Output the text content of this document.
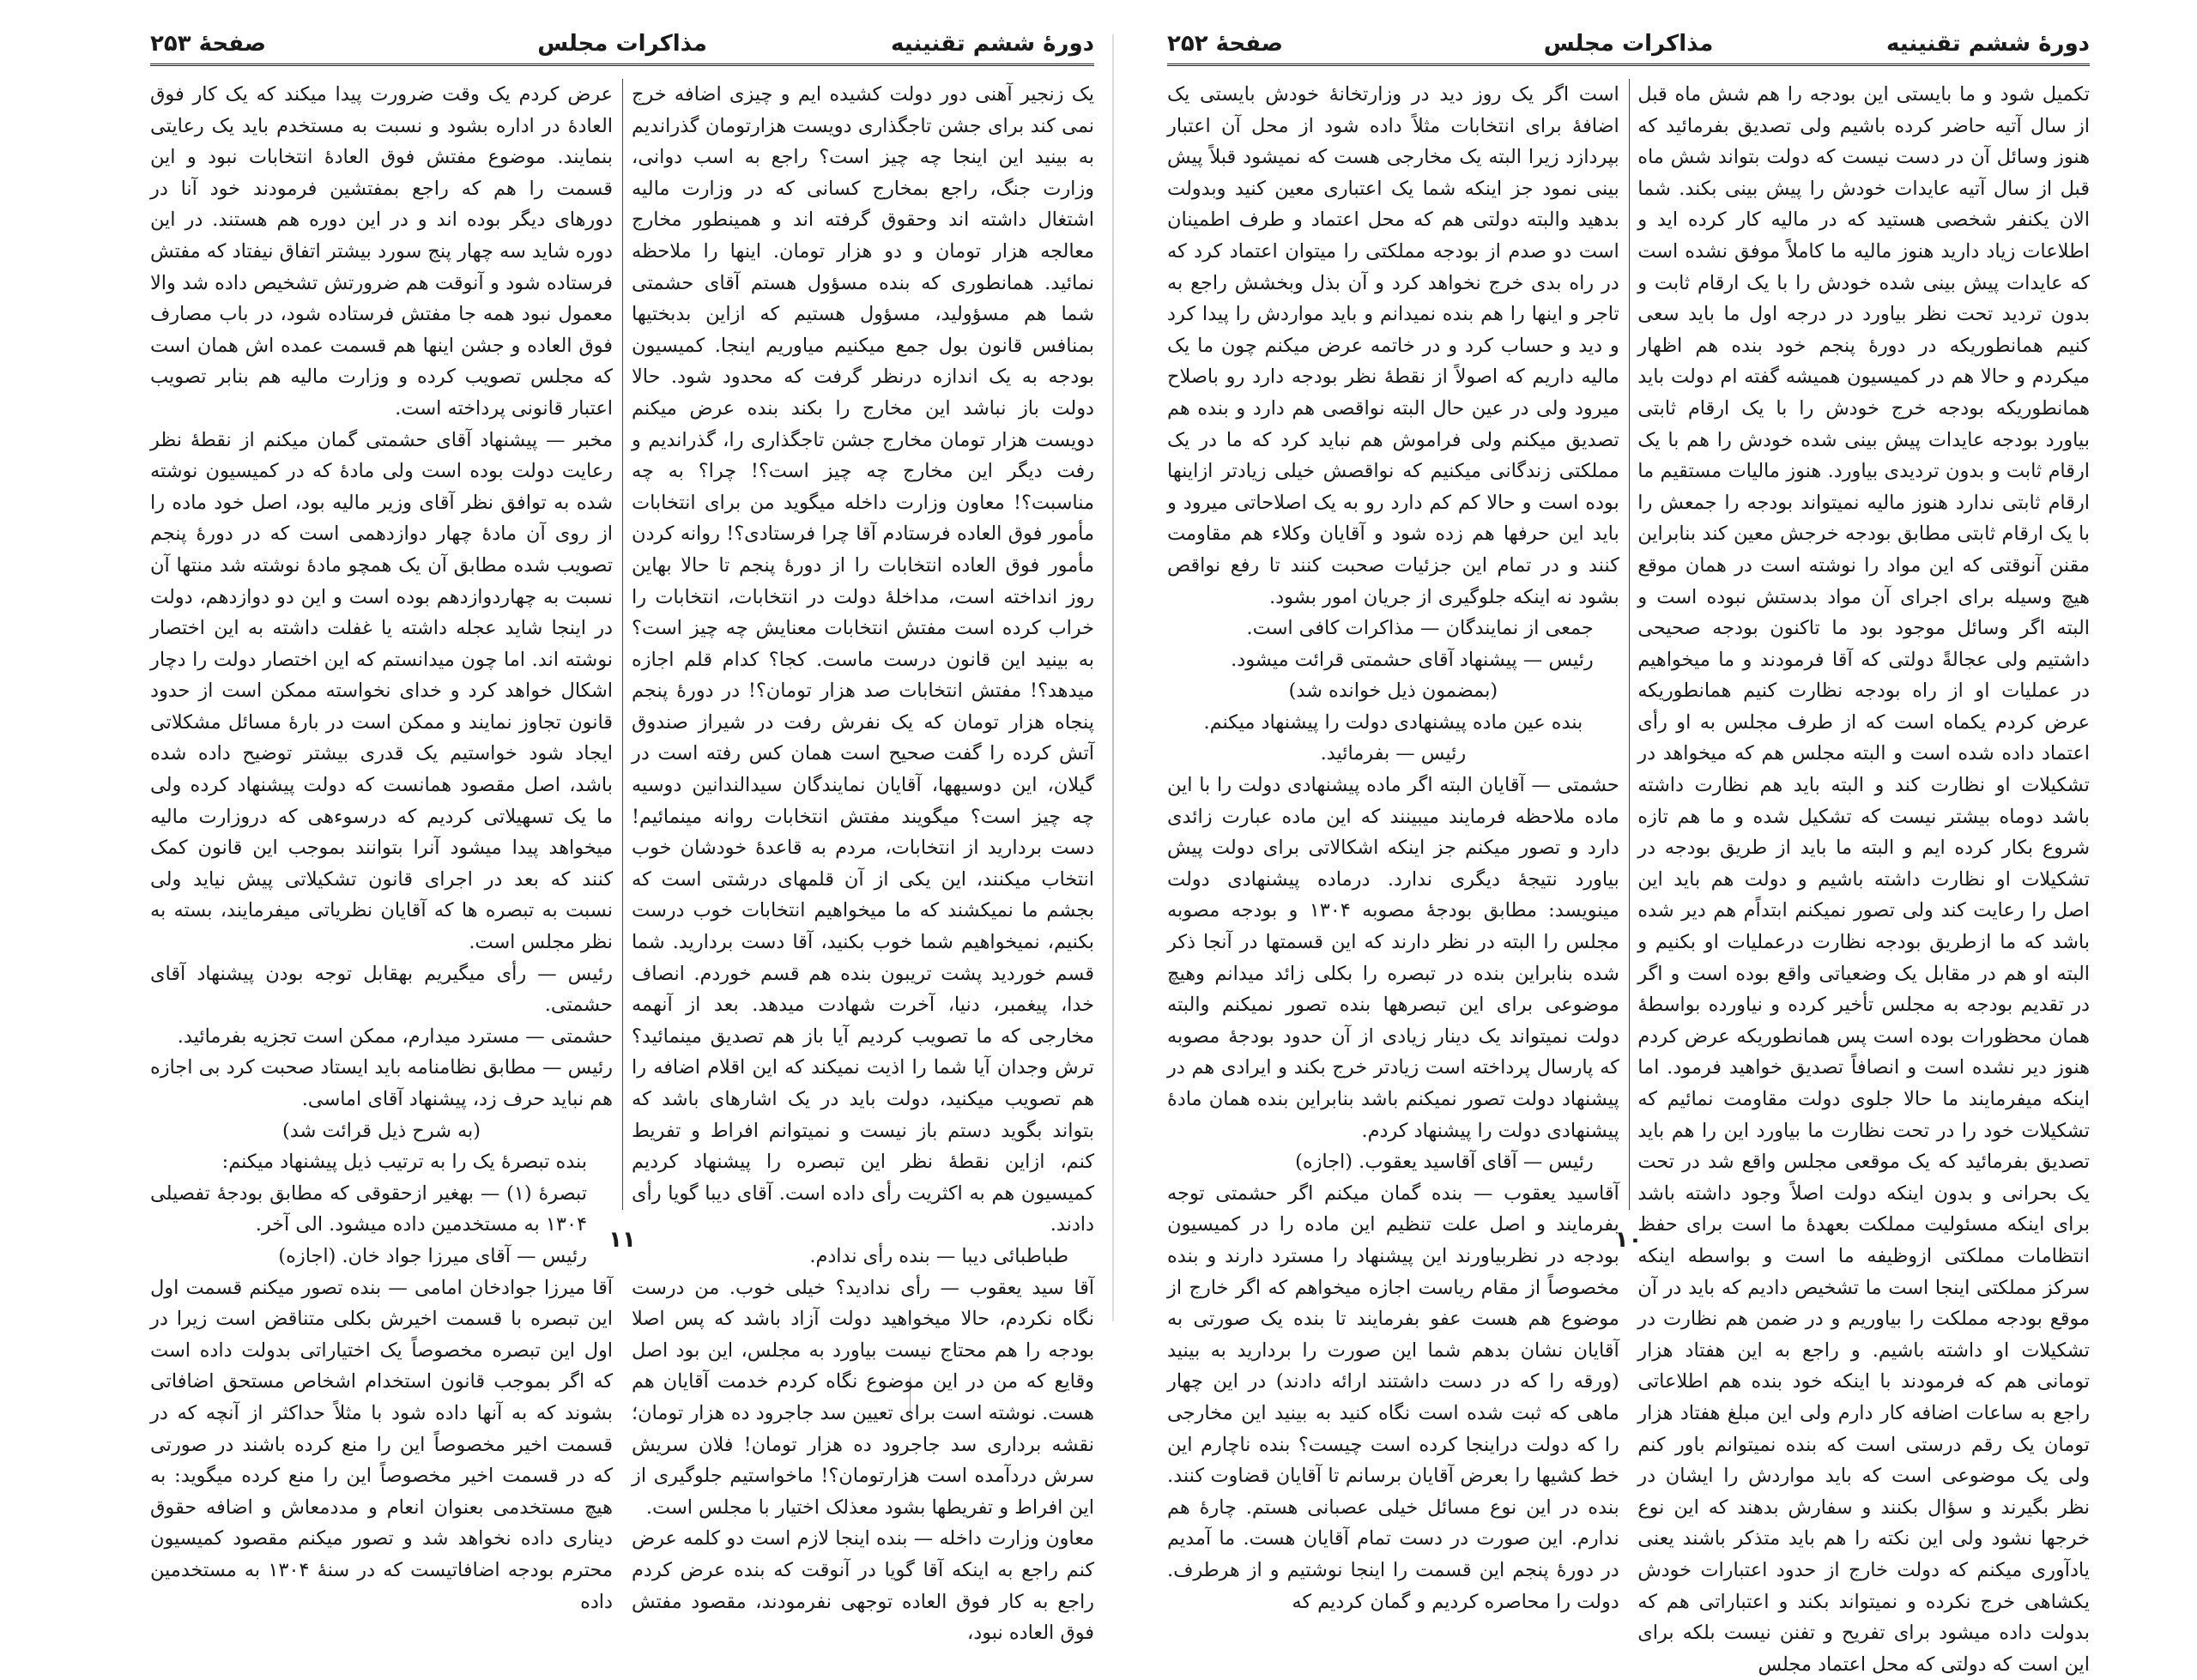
دورهٔ ششم تقنینیه
مذاکرات مجلس
صفحهٔ ۲۵۲

تکمیل شود و ما بایستی این بودجه را هم شش ماه قبل از سال آتیه حاضر کرده باشیم ولی تصدیق بفرمائید که هنوز وسائل آن در دست نیست که دولت بتواند شش ماه قبل از سال آتیه عایدات خودش را پیش بینی بکند. شما الان یکنفر شخصی هستید که در مالیه کار کرده اید و اطلاعات زیاد دارید هنوز مالیه ما کاملاً موفق نشده است که عایدات پیش بینی شده خودش را با یک ارقام ثابت و بدون تردید تحت نظر بیاورد در درجه اول ما باید سعی کنیم همانطوریکه در دورهٔ پنجم خود بنده هم اظهار میکردم و حالا هم در کمیسیون همیشه گفته ام دولت باید همانطوریکه بودجه خرج خودش را با یک ارقام ثابتی بیاورد بودجه عایدات پیش بینی شده خودش را هم با یک ارقام ثابت و بدون تردیدی بیاورد. هنوز مالیات مستقیم ما ارقام ثابتی ندارد هنوز مالیه نمیتواند بودجه را جمعش را با یک ارقام ثابتی مطابق بودجه خرجش معین کند بنابراین مقنن آنوقتی که این مواد را نوشته است در همان موقع هیچ وسیله برای اجرای آن مواد بدستش نبوده است و البته اگر وسائل موجود بود ما تاکنون بودجه صحیحی داشتیم ولی عجالةً دولتی که آقا فرمودند و ما میخواهیم در عملیات او از راه بودجه نظارت کنیم همانطوریکه عرض کردم یکماه است که از طرف مجلس به او رأی اعتماد داده شده است و البته مجلس هم که میخواهد در تشکیلات او نظارت کند و البته باید هم نظارت داشته باشد دوماه بیشتر نیست که تشکیل شده و ما هم تازه شروع بکار کرده ایم و البته ما باید از طریق بودجه در تشکیلات او نظارت داشته باشیم و دولت هم باید این اصل را رعایت کند ولی تصور نمیکنم ابتداًم هم دیر شده باشد که ما ازطریق بودجه نظارت درعملیات او بکنیم و البته او هم در مقابل یک وضعیاتی واقع بوده است و اگر در تقدیم بودجه به مجلس تأخیر کرده و نیاورده بواسطهٔ همان محظورات بوده است پس همانطوریکه عرض کردم هنوز دیر نشده است و انصافاً تصدیق خواهید فرمود. اما اینکه میفرمایند ما حالا جلوی دولت مقاومت نمائیم که تشکیلات خود را در تحت نظارت ما بیاورد این را هم باید تصدیق بفرمائید که یک موقعی مجلس واقع شد در تحت یک بحرانی و بدون اینکه دولت اصلاً وجود داشته باشد برای اینکه مسئولیت مملکت بعهدهٔ ما است برای حفظ انتظامات مملکتی ازوظیفه ما است و بواسطه اینکه سرکز مملکتی اینجا است ما تشخیص دادیم که باید در آن موقع بودجه مملکت را بیاوریم و در ضمن هم نظارت در تشکیلات او داشته باشیم. و راجع به این هفتاد هزار تومانی هم که فرمودند با اینکه خود بنده هم اطلاعاتی راجع به ساعات اضافه کار دارم ولی این مبلغ هفتاد هزار تومان یک رقم درستی است که بنده نمیتوانم باور کنم ولی یک موضوعی است که باید مواردش را ایشان در نظر بگیرند و سؤال بکنند و سفارش بدهند که این نوع خرجها نشود ولی این نکته را هم باید متذکر باشند یعنی یادآوری میکنم که دولت خارج از حدود اعتبارات خودش یکشاهی خرج نکرده و نمیتواند بکند و اعتباراتی هم که بدولت داده میشود برای تفریح و تفنن نیست بلکه برای این است که دولتی که محل اعتماد مجلس

است اگر یک روز دید در وزارتخانهٔ خودش بایستی یک اضافهٔ برای انتخابات مثلاً داده شود از محل آن اعتبار بپردازد زیرا البته یک مخارجی هست که نمیشود قبلاً پیش بینی نمود جز اینکه شما یک اعتباری معین کنید وبدولت بدهید والبته دولتی هم که محل اعتماد و طرف اطمینان است دو صدم از بودجه مملکتی را میتوان اعتماد کرد که در راه بدی خرج نخواهد کرد و آن بذل وبخشش راجع به تاجر و اینها را هم بنده نمیدانم و باید مواردش را پیدا کرد و دید و حساب کرد و در خاتمه عرض میکنم چون ما یک مالیه داریم که اصولاً از نقطهٔ نظر بودجه دارد رو باصلاح میرود ولی در عین حال البته نواقصی هم دارد و بنده هم تصدیق میکنم ولی فراموش هم نباید کرد که ما در یک مملکتی زندگانی میکنیم که نواقصش خیلی زیادتر ازاینها بوده است و حالا کم کم دارد رو به یک اصلاحاتی میرود و باید این حرفها هم زده شود و آقایان وکلاء هم مقاومت کنند و در تمام این جزئیات صحبت کنند تا رفع نواقص بشود نه اینکه جلوگیری از جریان امور بشود.

جمعی از نمایندگان — مذاکرات کافی است.

رئیس — پیشنهاد آقای حشمتی قرائت میشود.

(بمضمون ذیل خوانده شد)

بنده عین ماده پیشنهادی دولت را پیشنهاد میکنم.

رئیس — بفرمائید.

حشمتی — آقایان البته اگر ماده پیشنهادی دولت را با این ماده ملاحظه فرمایند میبینند که این ماده عبارت زائدی دارد و تصور میکنم جز اینکه اشکالاتی برای دولت پیش بیاورد نتیجهٔ دیگری ندارد. درماده پیشنهادی دولت مینویسد: مطابق بودجهٔ مصوبه ۱۳۰۴ و بودجه مصوبه مجلس را البته در نظر دارند که این قسمتها در آنجا ذکر شده بنابراین بنده در تبصره را بکلی زائد میدانم وهیچ موضوعی برای این تبصرهها بنده تصور نمیکنم والبته دولت نمیتواند یک دینار زیادی از آن حدود بودجهٔ مصوبه که پارسال پرداخته است زیادتر خرج بکند و ایرادی هم در پیشنهاد دولت تصور نمیکنم باشد بنابراین بنده همان مادهٔ پیشنهادی دولت را پیشنهاد کردم.

رئیس — آقای آقاسید یعقوب. (اجازه)

آقاسید یعقوب — بنده گمان میکنم اگر حشمتی توجه بفرمایند و اصل علت تنظیم این ماده را در کمیسیون بودجه در نظربیاورند این پیشنهاد را مسترد دارند و بنده مخصوصاً از مقام ریاست اجازه میخواهم که اگر خارج از موضوع هم هست عفو بفرمایند تا بنده یک صورتی به آقایان نشان بدهم شما این صورت را برداريد به بینید (ورقه را که در دست داشتند ارائه دادند) در این چهار ماهی که ثبت شده است نگاه کنید به بینید این مخارجی را که دولت دراینجا کرده است چیست؟ بنده ناچارم این خط کشیها را بعرض آقایان برسانم تا آقایان قضاوت کنند. بنده در این نوع مسائل خیلی عصبانی هستم. چارهٔ هم ندارم. این صورت در دست تمام آقایان هست. ما آمدیم در دورهٔ پنجم این قسمت را اینجا نوشتیم و از هرطرف. دولت را محاصره کردیم و گمان کردیم که

۱۰
دورهٔ ششم تقنینیه
مذاکرات مجلس
صفحهٔ ۲۵۳

یک زنجیر آهنی دور دولت کشیده ایم و چیزی اضافه خرج نمی کند برای جشن تاجگذاری دویست هزارتومان گذراندیم به بینید این اینجا چه چیز است؟ راجع به اسب دوانی، وزارت جنگ، راجع بمخارج کسانی که در وزارت مالیه اشتغال داشته اند وحقوق گرفته اند و همینطور مخارج معالجه هزار تومان و دو هزار تومان. اینها را ملاحظه نمائید. همانطوری که بنده مسؤول هستم آقای حشمتی شما هم مسؤولید، مسؤول هستیم که ازاین بدبختیها بمنافس قانون بول جمع میکنیم میاوریم اینجا. کمیسیون بودجه به یک اندازه درنظر گرفت که محدود شود. حالا دولت باز نباشد این مخارج را بکند بنده عرض میکنم دویست هزار تومان مخارج جشن تاجگذاری را، گذراندیم و رفت دیگر این مخارج چه چیز است؟! چرا؟ به چه مناسبت؟! معاون وزارت داخله میگوید من برای انتخابات مأمور فوق العاده فرستادم آقا چرا فرستادی؟! روانه کردن مأمور فوق العاده انتخابات را از دورهٔ پنجم تا حالا بهاین روز انداخته است، مداخلهٔ دولت در انتخابات، انتخابات را خراب کرده است مفتش انتخابات معنایش چه چیز است؟ به بینید این قانون درست ماست. کجا؟ کدام قلم اجازه میدهد؟! مفتش انتخابات صد هزار تومان؟! در دورهٔ پنجم پنجاه هزار تومان که یک نفرش رفت در شیراز صندوق آتش کرده را گفت صحیح است همان کس رفته است در گیلان، این دوسیهها، آقایان نمایندگان سیدالندانین دوسیه چه چیز است؟ میگویند مفتش انتخابات روانه مینمائیم! دست برداريد از انتخابات، مردم به قاعدهٔ خودشان خوب انتخاب میکنند، این یکی از آن قلمهای درشتی است که بجشم ما نمیکشند که ما میخواهیم انتخابات خوب درست بکنیم، نمیخواهیم شما خوب بکنید، آقا دست برداريد. شما قسم خوردید پشت تریبون بنده هم قسم خوردم. انصاف خدا، پیغمبر، دنیا، آخرت شهادت میدهد. بعد از آنهمه مخارجی که ما تصویب کردیم آیا باز هم تصدیق مینمائید؟ ترش وجدان آیا شما را اذیت نمیکند که این اقلام اضافه را هم تصویب میکنید، دولت باید در یک اشارهای باشد که بتواند بگوید دستم باز نیست و نمیتوانم افراط و تفریط کنم، ازاین نقطهٔ نظر این تبصره را پیشنهاد کرديم کمیسیون هم به اکثریت رأی داده است. آقای دیبا گویا رأی دادند.

طباطبائی دیبا — بنده رأی ندادم.

آقا سید یعقوب — رأی ندادید؟ خیلی خوب. من درست نگاه نکردم، حالا میخواهید دولت آزاد باشد که پس اصلا بودجه را هم محتاج نیست بیاورد به مجلس، این بود اصل وقایع که من در این موضوع نگاه کردم خدمت آقایان هم هست. نوشته است برای تعیین سد جاجرود ده هزار تومان؛ نقشه برداری سد جاجرود ده هزار تومان! فلان سریش سرش دردآمده است هزارتومان؟! ماخواستیم جلوگیری از این افراط و تفریطها بشود معذلک اختیار با مجلس است.

معاون وزارت داخله — بنده اینجا لازم است دو کلمه عرض کنم راجع به اینکه آقا گویا در آنوقت که بنده عرض کردم راجع به کار فوق العاده توجهی نفرمودند، مقصود مفتش فوق العاده نبود،

عرض کردم یک وقت ضرورت پیدا میکند که یک کار فوق العادهٔ در اداره بشود و نسبت به مستخدم باید یک رعایتی بنمایند. موضوع مفتش فوق العادهٔ انتخابات نبود و این قسمت را هم که راجع بمفتشین فرمودند خود آنا در دورهای دیگر بوده اند و در این دوره هم هستند. در این دوره شاید سه چهار پنج سورد بیشتر اتفاق نیفتاد که مفتش فرستاده شود و آنوقت هم ضرورتش تشخیص داده شد والا معمول نبود همه جا مفتش فرستاده شود، در باب مصارف فوق العاده و جشن اینها هم قسمت عمده اش همان است که مجلس تصویب کرده و وزارت مالیه هم بنابر تصویب اعتبار قانونی پرداخته است.

مخبر — پیشنهاد آقای حشمتی گمان میکنم از نقطهٔ نظر رعایت دولت بوده است ولی مادهٔ که در کمیسیون نوشته شده به توافق نظر آقای وزیر مالیه بود، اصل خود ماده را از روی آن مادهٔ چهار دوازدهمی است که در دورهٔ پنجم تصویب شده مطابق آن یک همچو مادهٔ نوشته شد منتها آن نسبت به چهاردوازدهم بوده است و این دو دوازدهم، دولت در اینجا شاید عجله داشته یا غفلت داشته به این اختصار نوشته اند. اما چون میدانستم که این اختصار دولت را دچار اشکال خواهد کرد و خدای نخواسته ممکن است از حدود قانون تجاوز نمایند و ممکن است در بارهٔ مسائل مشکلاتی ایجاد شود خواستیم یک قدری بیشتر توضیح داده شده باشد، اصل مقصود همانست که دولت پیشنهاد کرده ولی ما یک تسهیلاتی کردیم که درسوءهی که دروزارت مالیه میخواهد پیدا میشود آنرا بتوانند بموجب این قانون کمک کنند که بعد در اجرای قانون تشکیلاتی پیش نیاید ولی نسبت به تبصره ها که آقایان نظریاتی میفرمایند، بسته به نظر مجلس است.

رئیس — رأی میگیریم بهقابل توجه بودن پیشنهاد آقای حشمتی.

حشمتی — مسترد میدارم، ممکن است تجزیه بفرمائید.

رئیس — مطابق نظامنامه باید ایستاد صحبت کرد بی اجازه هم نباید حرف زد، پیشنهاد آقای اماسی.

(به شرح ذیل قرائت شد)

بنده تبصرهٔ یک را به ترتیب ذیل پیشنهاد میکنم:

تبصرهٔ (۱) — بهغیر ازحقوقی که مطابق بودجهٔ تفصیلی ۱۳۰۴ به مستخدمین داده میشود. الی آخر.

رئیس — آقای میرزا جواد خان. (اجازه)

آقا میرزا جوادخان امامی — بنده تصور میکنم قسمت اول این تبصره با قسمت اخیرش بکلی متناقض است زیرا در اول این تبصره مخصوصاً یک اختیاراتی بدولت داده است که اگر بموجب قانون استخدام اشخاص مستحق اضافاتی بشوند که به آنها داده شود با مثلاً حداکثر از آنچه که در قسمت اخیر مخصوصاً این را منع کرده باشند در صورتی که در قسمت اخیر مخصوصاً این را منع کرده میگوید: به هیچ مستخدمی بعنوان انعام و مددمعاش و اضافه حقوق دیناری داده نخواهد شد و تصور میکنم مقصود کمیسیون محترم بودجه اضافاتیست که در سنهٔ ۱۳۰۴ به مستخدمین داده

۱۱
